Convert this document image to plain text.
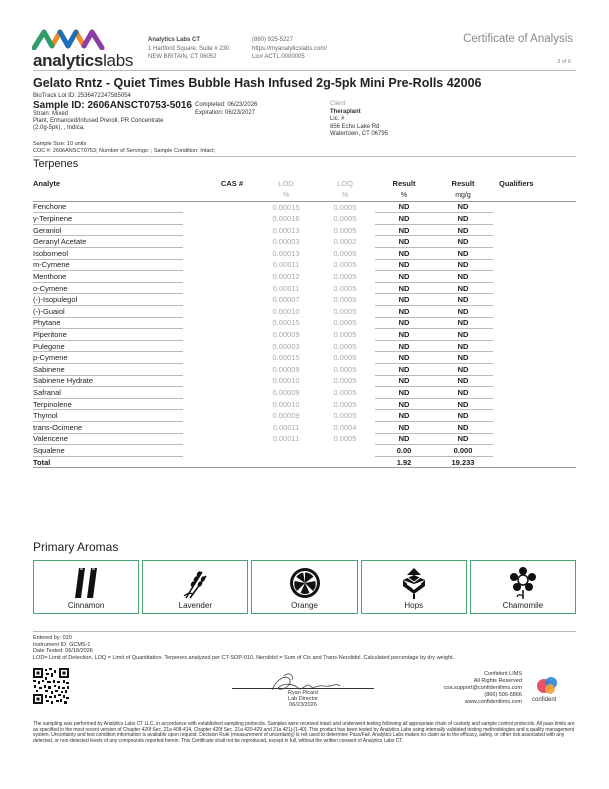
analyticslabs
Analytics Labs CT
1 Hartford Square, Suite # 230
NEW BRITAIN, CT 06052
(860) 925-5227
https://myanalyticslabs.com/
Lic# ACTL.0000005
Certificate of Analysis
3 of 6
Gelato Rntz - Quiet Times Bubble Hash Infused 2g-5pk Mini Pre-Rolls 42006
BioTrack Lot ID: 2536472247585054
Sample ID: 2606ANSCT0753-5016 Completed: 06/23/2026
Expiration: 06/23/2027
Strain: Mixed
Plant, Enhanced/Infused Preroll, PR Concentrate
(2.0g-5pk), , Indica,
Client
Theraplant
Lic. #
856 Echo Lake Rd
Watertown, CT 06795
Sample Size: 10 units
COC #: 2606ANSCT0753; Number of Servings: ; Sample Condition: Intact;
Terpenes
Analyte	CAS #	LOD	LOQ	Result	Result	Qualifiers
		%	%	%	mg/g	
Fenchone		0.00015	0.0005	ND	ND	
γ-Terpinene		0.00016	0.0005	ND	ND	
Geraniol		0.00013	0.0005	ND	ND	
Geranyl Acetate		0.00003	0.0002	ND	ND	
Isoborneol		0.00013	0.0005	ND	ND	
m-Cymene		0.00011	0.0005	ND	ND	
Menthone		0.00012	0.0005	ND	ND	
o-Cymene		0.00011	0.0005	ND	ND	
(-)-Isopulegol		0.00007	0.0005	ND	ND	
(-)-Guaiol		0.00010	0.0005	ND	ND	
Phytane		0.00015	0.0005	ND	ND	
Piperitone		0.00009	0.0005	ND	ND	
Pulegone		0.00003	0.0005	ND	ND	
p-Cymene		0.00015	0.0005	ND	ND	
Sabinene		0.00009	0.0005	ND	ND	
Sabinene Hydrate		0.00010	0.0005	ND	ND	
Safranal		0.00009	0.0005	ND	ND	
Terpinolene		0.00010	0.0005	ND	ND	
Thymol		0.00009	0.0005	ND	ND	
trans-Ocimene		0.00011	0.0004	ND	ND	
Valencene		0.00011	0.0005	ND	ND	
Squalene				0.00	0.000	
Total				1.92	19.233	
Primary Aromas
Cinnamon	Lavender	Orange	Hops	Chamomile
Entered by: 020
Instrument ID: GCMS-1
Date Tested: 06/18/2026
LOD= Limit of Detection, LOQ = Limit of Quantitation. Terpenes analyzed per CT-SOP-010. Nerolidol = Sum of Cis and Trans-Nerolidol. Calculated percentage by dry weight.
Ryan Picard
Lab Director
06/23/2026
Confident LIMS
All Rights Reserved
coa.support@confidentlims.com
(866) 506-5866
www.confidentlims.com confident
The sampling was performed by Analytics Labs CT LLC, in accordance with established sampling protocols. Samples were received intact and underwent testing following all appropriate chain of custody and sample control protocols. All pass limits are as specified in the most recent version of Chapter 420f Sec. 21a 408-414, Chapter 420f Sec. 21a 420-429 and 21a 421j-(1-40). This product has been tested by Analytics Labs using internally validated testing methodologies and a quality management system. Uncertainty and test condition information is available upon request. Decision Rule (measurement of uncertainty) is not used to determine Pass/Fail. Analytics Labs makes no claim as to the efficacy, safety, or other risk associated with any detected, or non-detected levels of any compounds reported herein. This Certificate shall not be reproduced, except in full, without the written consent of Analytics Labs CT.
